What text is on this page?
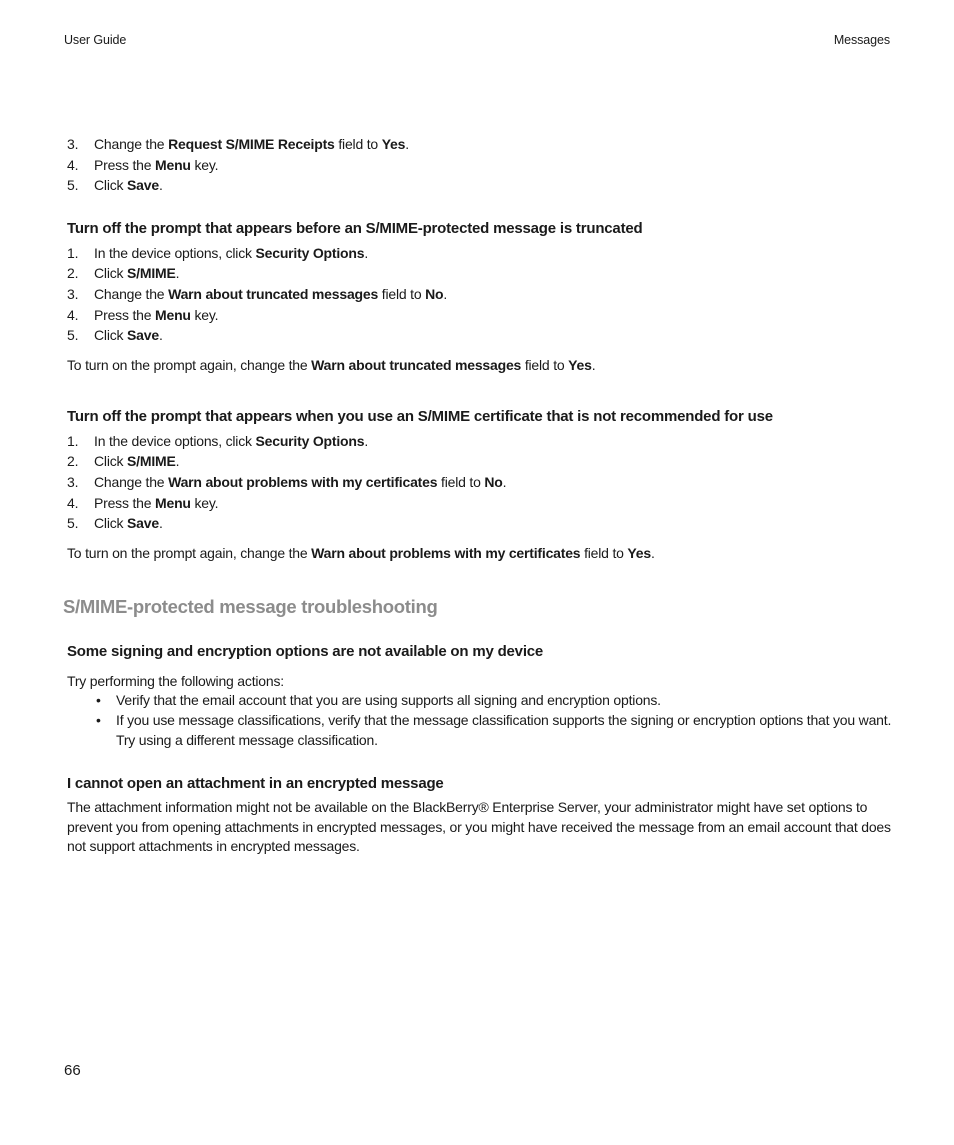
User Guide	Messages
3. Change the Request S/MIME Receipts field to Yes.
4. Press the Menu key.
5. Click Save.
Turn off the prompt that appears before an S/MIME-protected message is truncated
1. In the device options, click Security Options.
2. Click S/MIME.
3. Change the Warn about truncated messages field to No.
4. Press the Menu key.
5. Click Save.

To turn on the prompt again, change the Warn about truncated messages field to Yes.

Turn off the prompt that appears when you use an S/MIME certificate that is not recommended for use
1. In the device options, click Security Options.
2. Click S/MIME.
3. Change the Warn about problems with my certificates field to No.
4. Press the Menu key.
5. Click Save.

To turn on the prompt again, change the Warn about problems with my certificates field to Yes.

S/MIME-protected message troubleshooting
Some signing and encryption options are not available on my device

Try performing the following actions:

• Verify that the email account that you are using supports all signing and encryption options.
• If you use message classifications, verify that the message classification supports the signing or encryption options that you want. Try using a different message classification.
I cannot open an attachment in an encrypted message

The attachment information might not be available on the BlackBerry® Enterprise Server, your administrator might have set options to prevent you from opening attachments in encrypted messages, or you might have received the message from an email account that does not support attachments in encrypted messages.

66
